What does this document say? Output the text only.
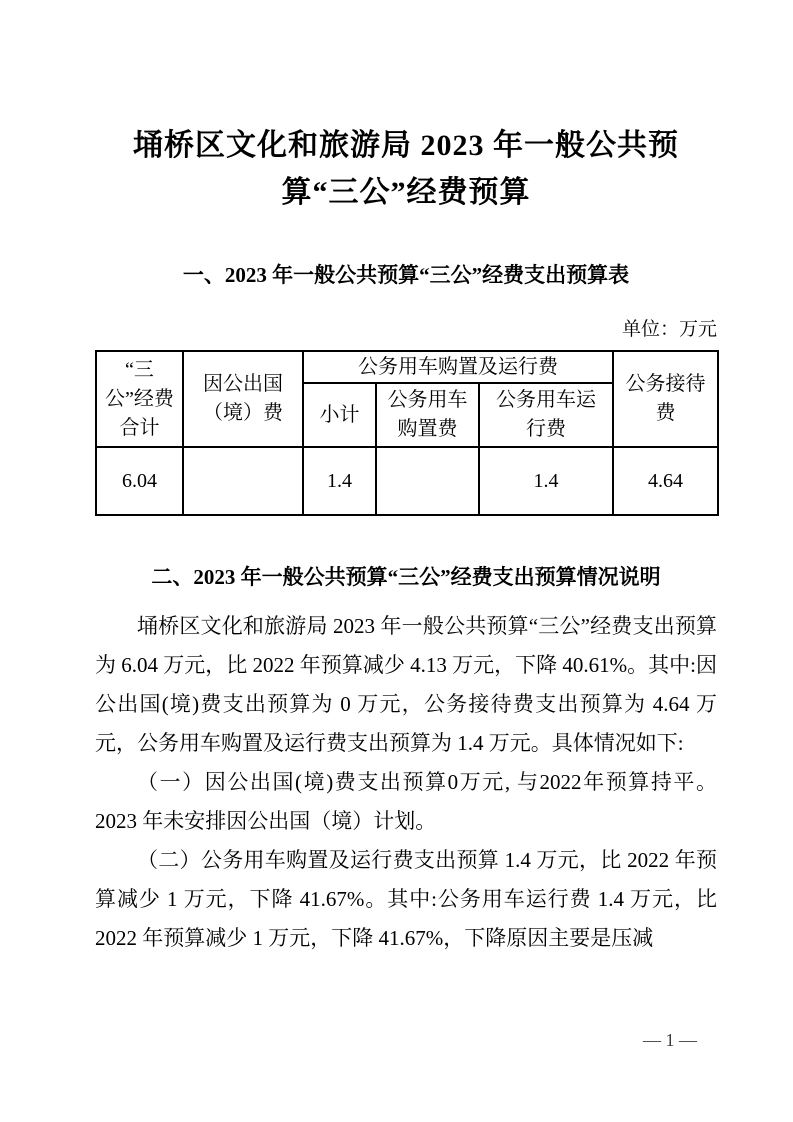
埇桥区文化和旅游局 2023 年一般公共预算“三公”经费预算
一、2023 年一般公共预算“三公”经费支出预算表
单位：万元
“三公”经费合计	因公出国（境）费	公务用车购置及运行费			公务接待费
		小计	公务用车购置费	公务用车运行费	
6.04		1.4		1.4	4.64
二、2023 年一般公共预算“三公”经费支出预算情况说明

埇桥区文化和旅游局 2023 年一般公共预算“三公”经费支出预算为 6.04 万元，比 2022 年预算减少 4.13 万元，下降 40.61%。其中:因公出国(境)费支出预算为 0 万元，公务接待费支出预算为 4.64 万元，公务用车购置及运行费支出预算为 1.4 万元。具体情况如下:

（一）因公出国(境)费支出预算0万元, 与2022年预算持平。2023 年未安排因公出国（境）计划。

（二）公务用车购置及运行费支出预算 1.4 万元，比 2022 年预算减少 1 万元，下降 41.67%。其中:公务用车运行费 1.4 万元，比 2022 年预算减少 1 万元，下降 41.67%，下降原因主要是压减

— 1 —
